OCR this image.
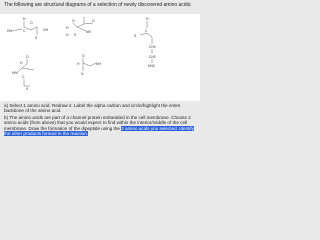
The following are structural diagrams of a selection of newly discovered amino acids:
H
O
HN	C
S
OH
O	O
H
NH
H S
H
C
S
CH2
CH2
NH2
O
H
HN
C
S
O
H	NH
N
a) Select 1 amino acid. Redraw it. Label the alpha carbon and circle/highlight the entire backbone of the amino acid.
b) The amino acids are part of a channel protein embedded in the cell membrane. Choose 2 amino acids (from above) that you would expect to find within the interior/middle of the cell membrane. Draw the formation of the dipeptide using the 2 amino acids you selected. Identify the other products formed in the reaction.
